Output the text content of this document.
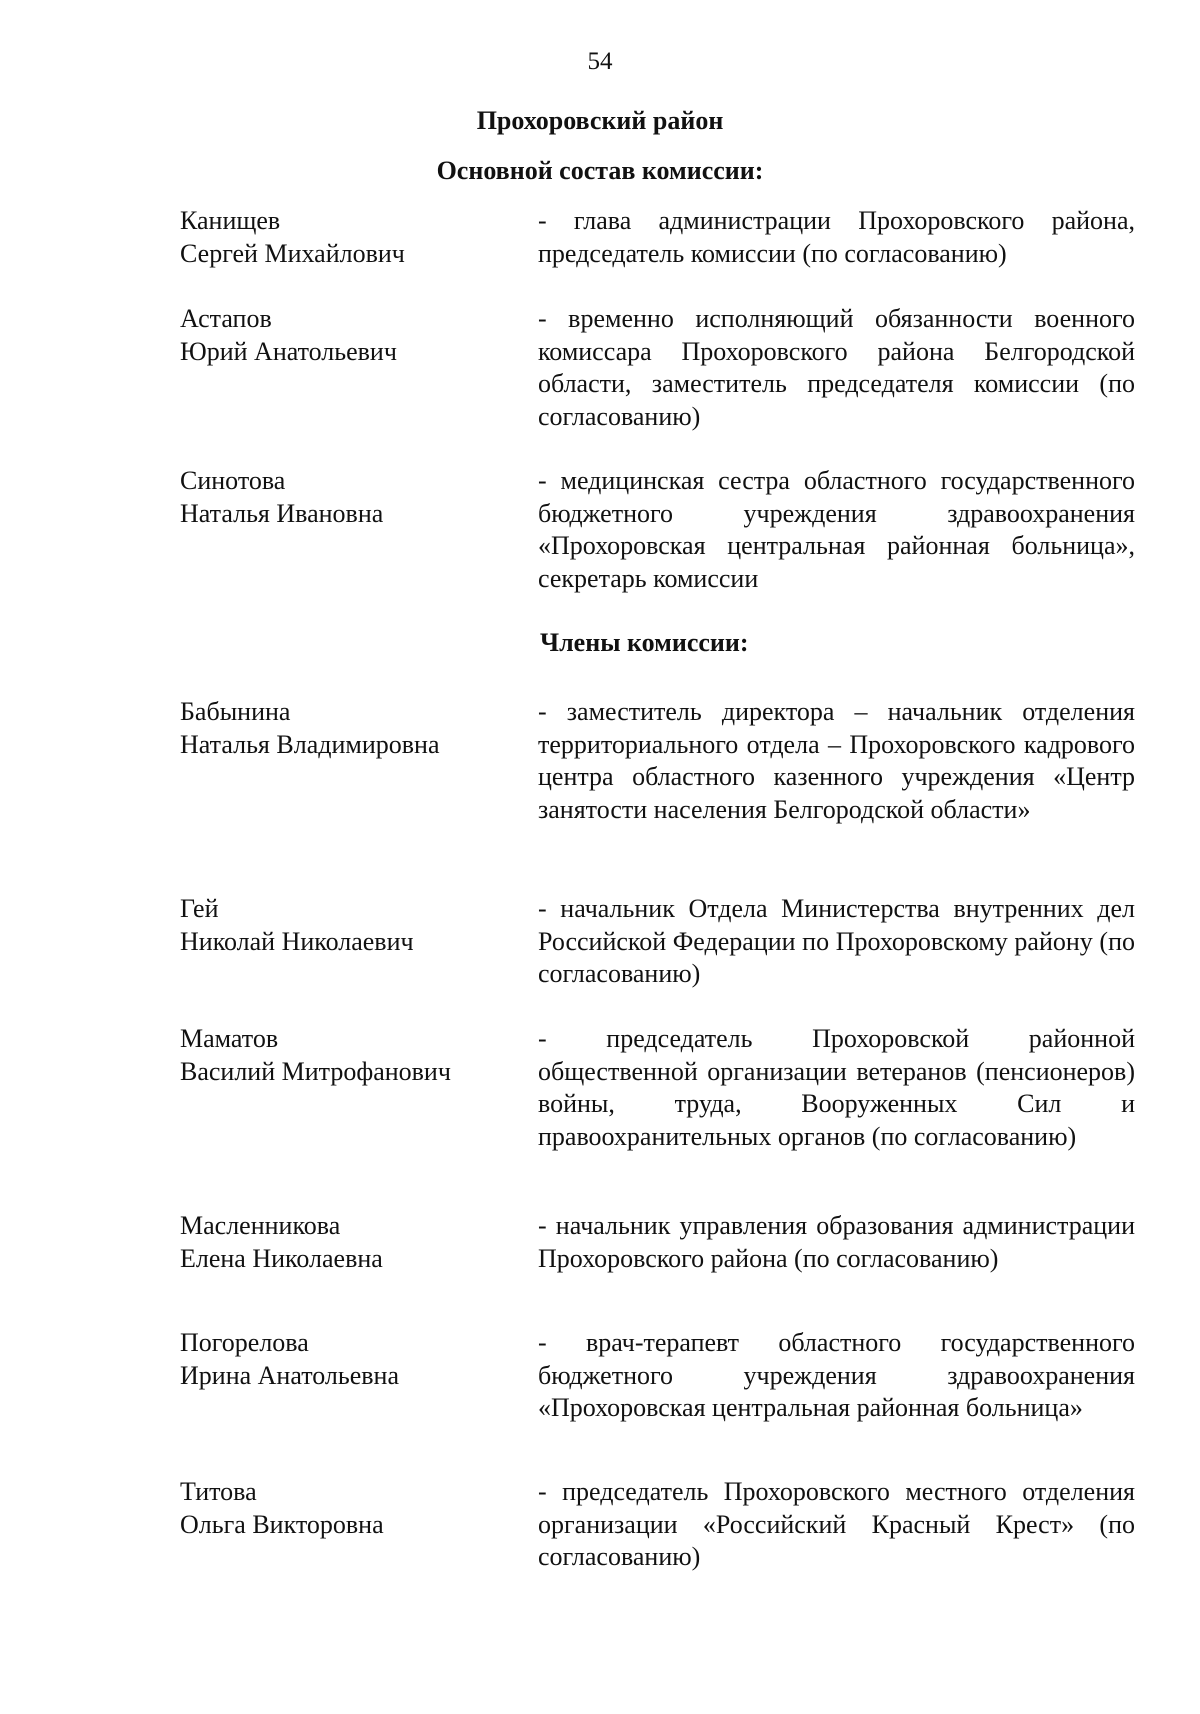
54
Прохоровский район
Основной состав комиссии:
Канищев
Сергей Михайлович
- глава администрации Прохоровского района, председатель комиссии (по согласованию)
Астапов
Юрий Анатольевич
- временно исполняющий обязанности военного комиссара Прохоровского района Белгородской области, заместитель председателя комиссии (по согласованию)
Синотова
Наталья Ивановна
- медицинская сестра областного государственного бюджетного учреждения здравоохранения «Прохоровская центральная районная больница», секретарь комиссии
Члены комиссии:
Бабынина
Наталья Владимировна
- заместитель директора – начальник отделения территориального отдела – Прохоровского кадрового центра областного казенного учреждения «Центр занятости населения Белгородской области»
Гей
Николай Николаевич
- начальник Отдела Министерства внутренних дел Российской Федерации по Прохоровскому району (по согласованию)
Маматов
Василий Митрофанович
- председатель Прохоровской районной общественной организации ветеранов (пенсионеров) войны, труда, Вооруженных Сил и правоохранительных органов (по согласованию)
Масленникова
Елена Николаевна
- начальник управления образования администрации Прохоровского района (по согласованию)
Погорелова
Ирина Анатольевна
- врач-терапевт областного государственного бюджетного учреждения здравоохранения «Прохоровская центральная районная больница»
Титова
Ольга Викторовна
- председатель Прохоровского местного отделения организации «Российский Красный Крест» (по согласованию)
